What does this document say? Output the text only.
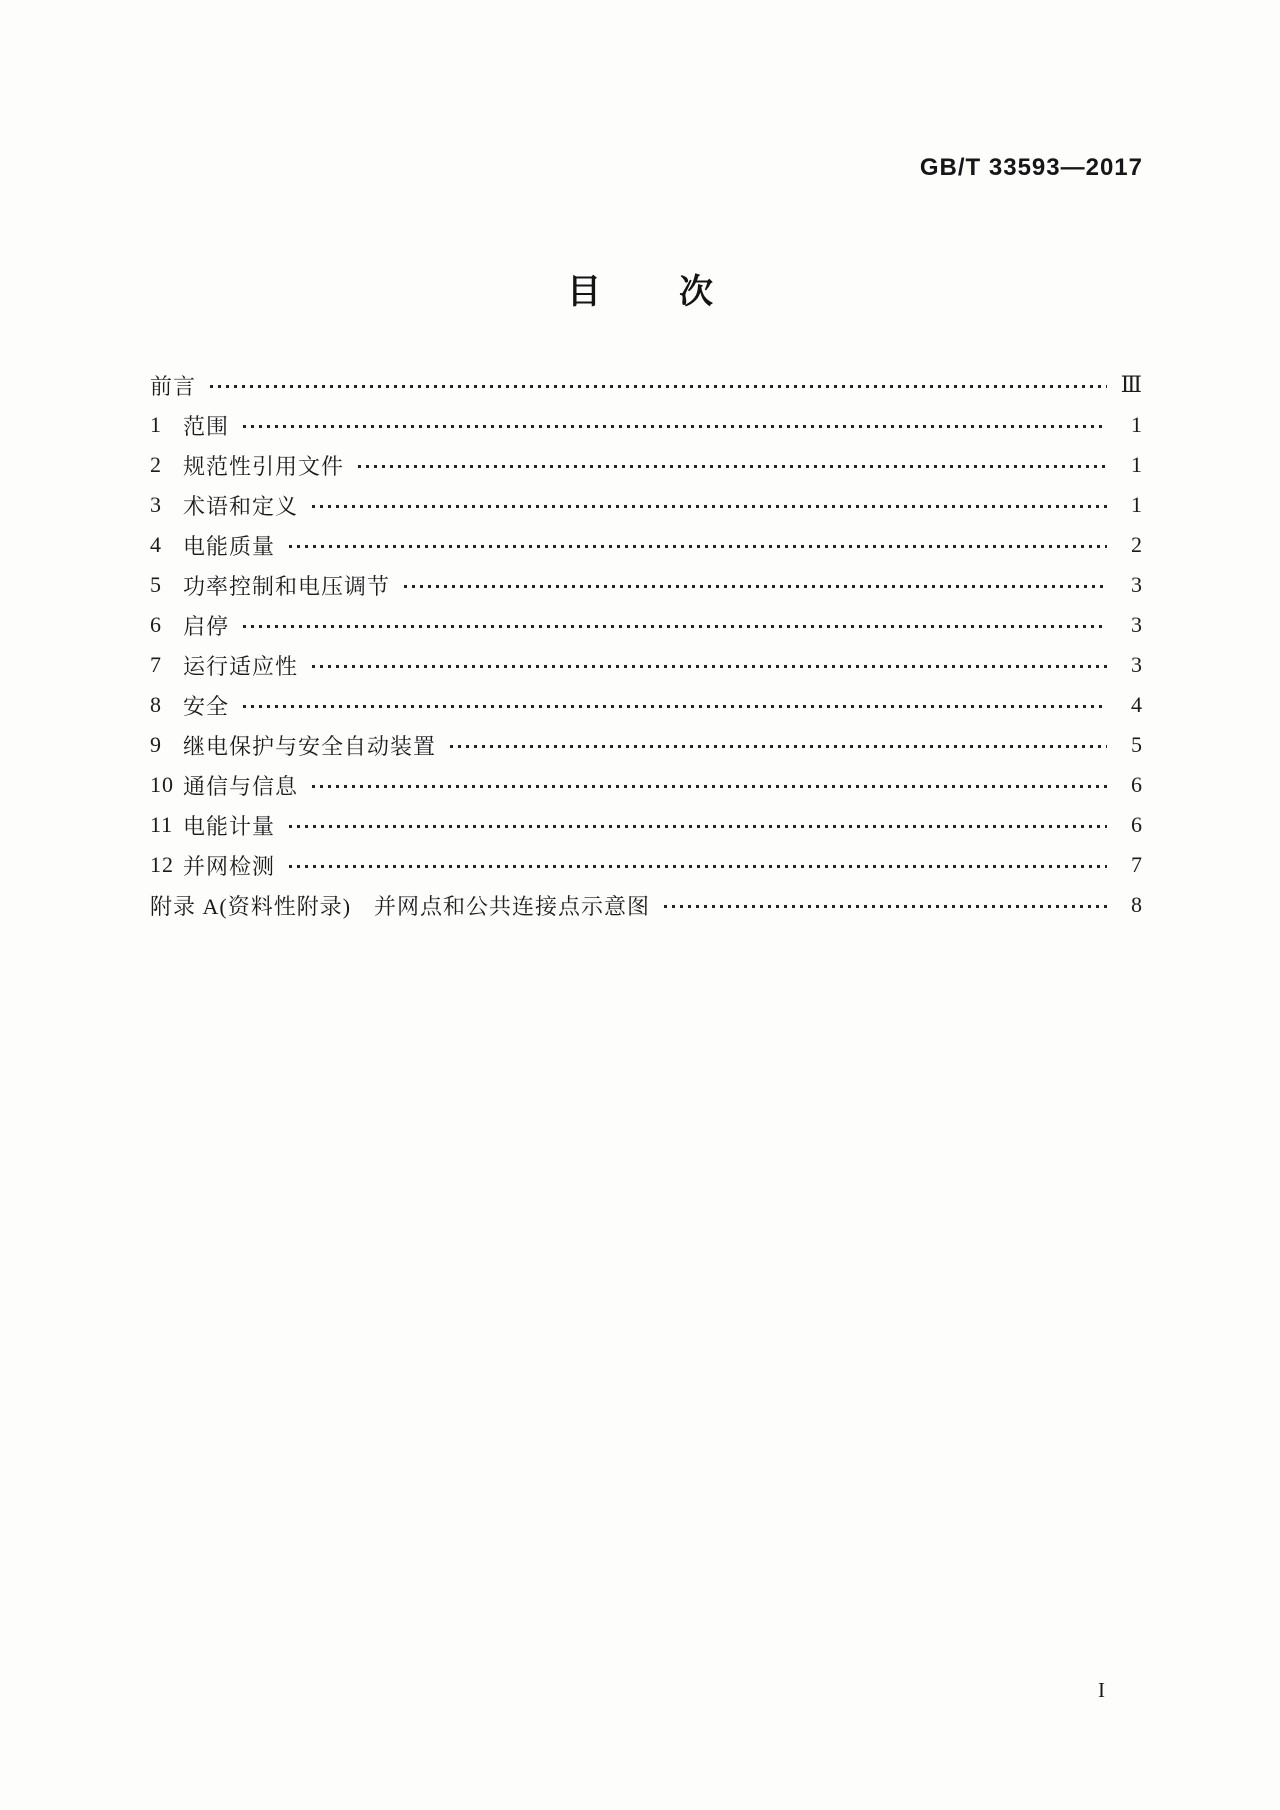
GB/T 33593—2017
目 次
前言	Ⅲ
1 范围	1
2 规范性引用文件	1
3 术语和定义	1
4 电能质量	2
5 功率控制和电压调节	3
6 启停	3
7 运行适应性	3
8 安全	4
9 继电保护与安全自动装置	5
10 通信与信息	6
11 电能计量	6
12 并网检测	7
附录 A(资料性附录)　并网点和公共连接点示意图	8
I
